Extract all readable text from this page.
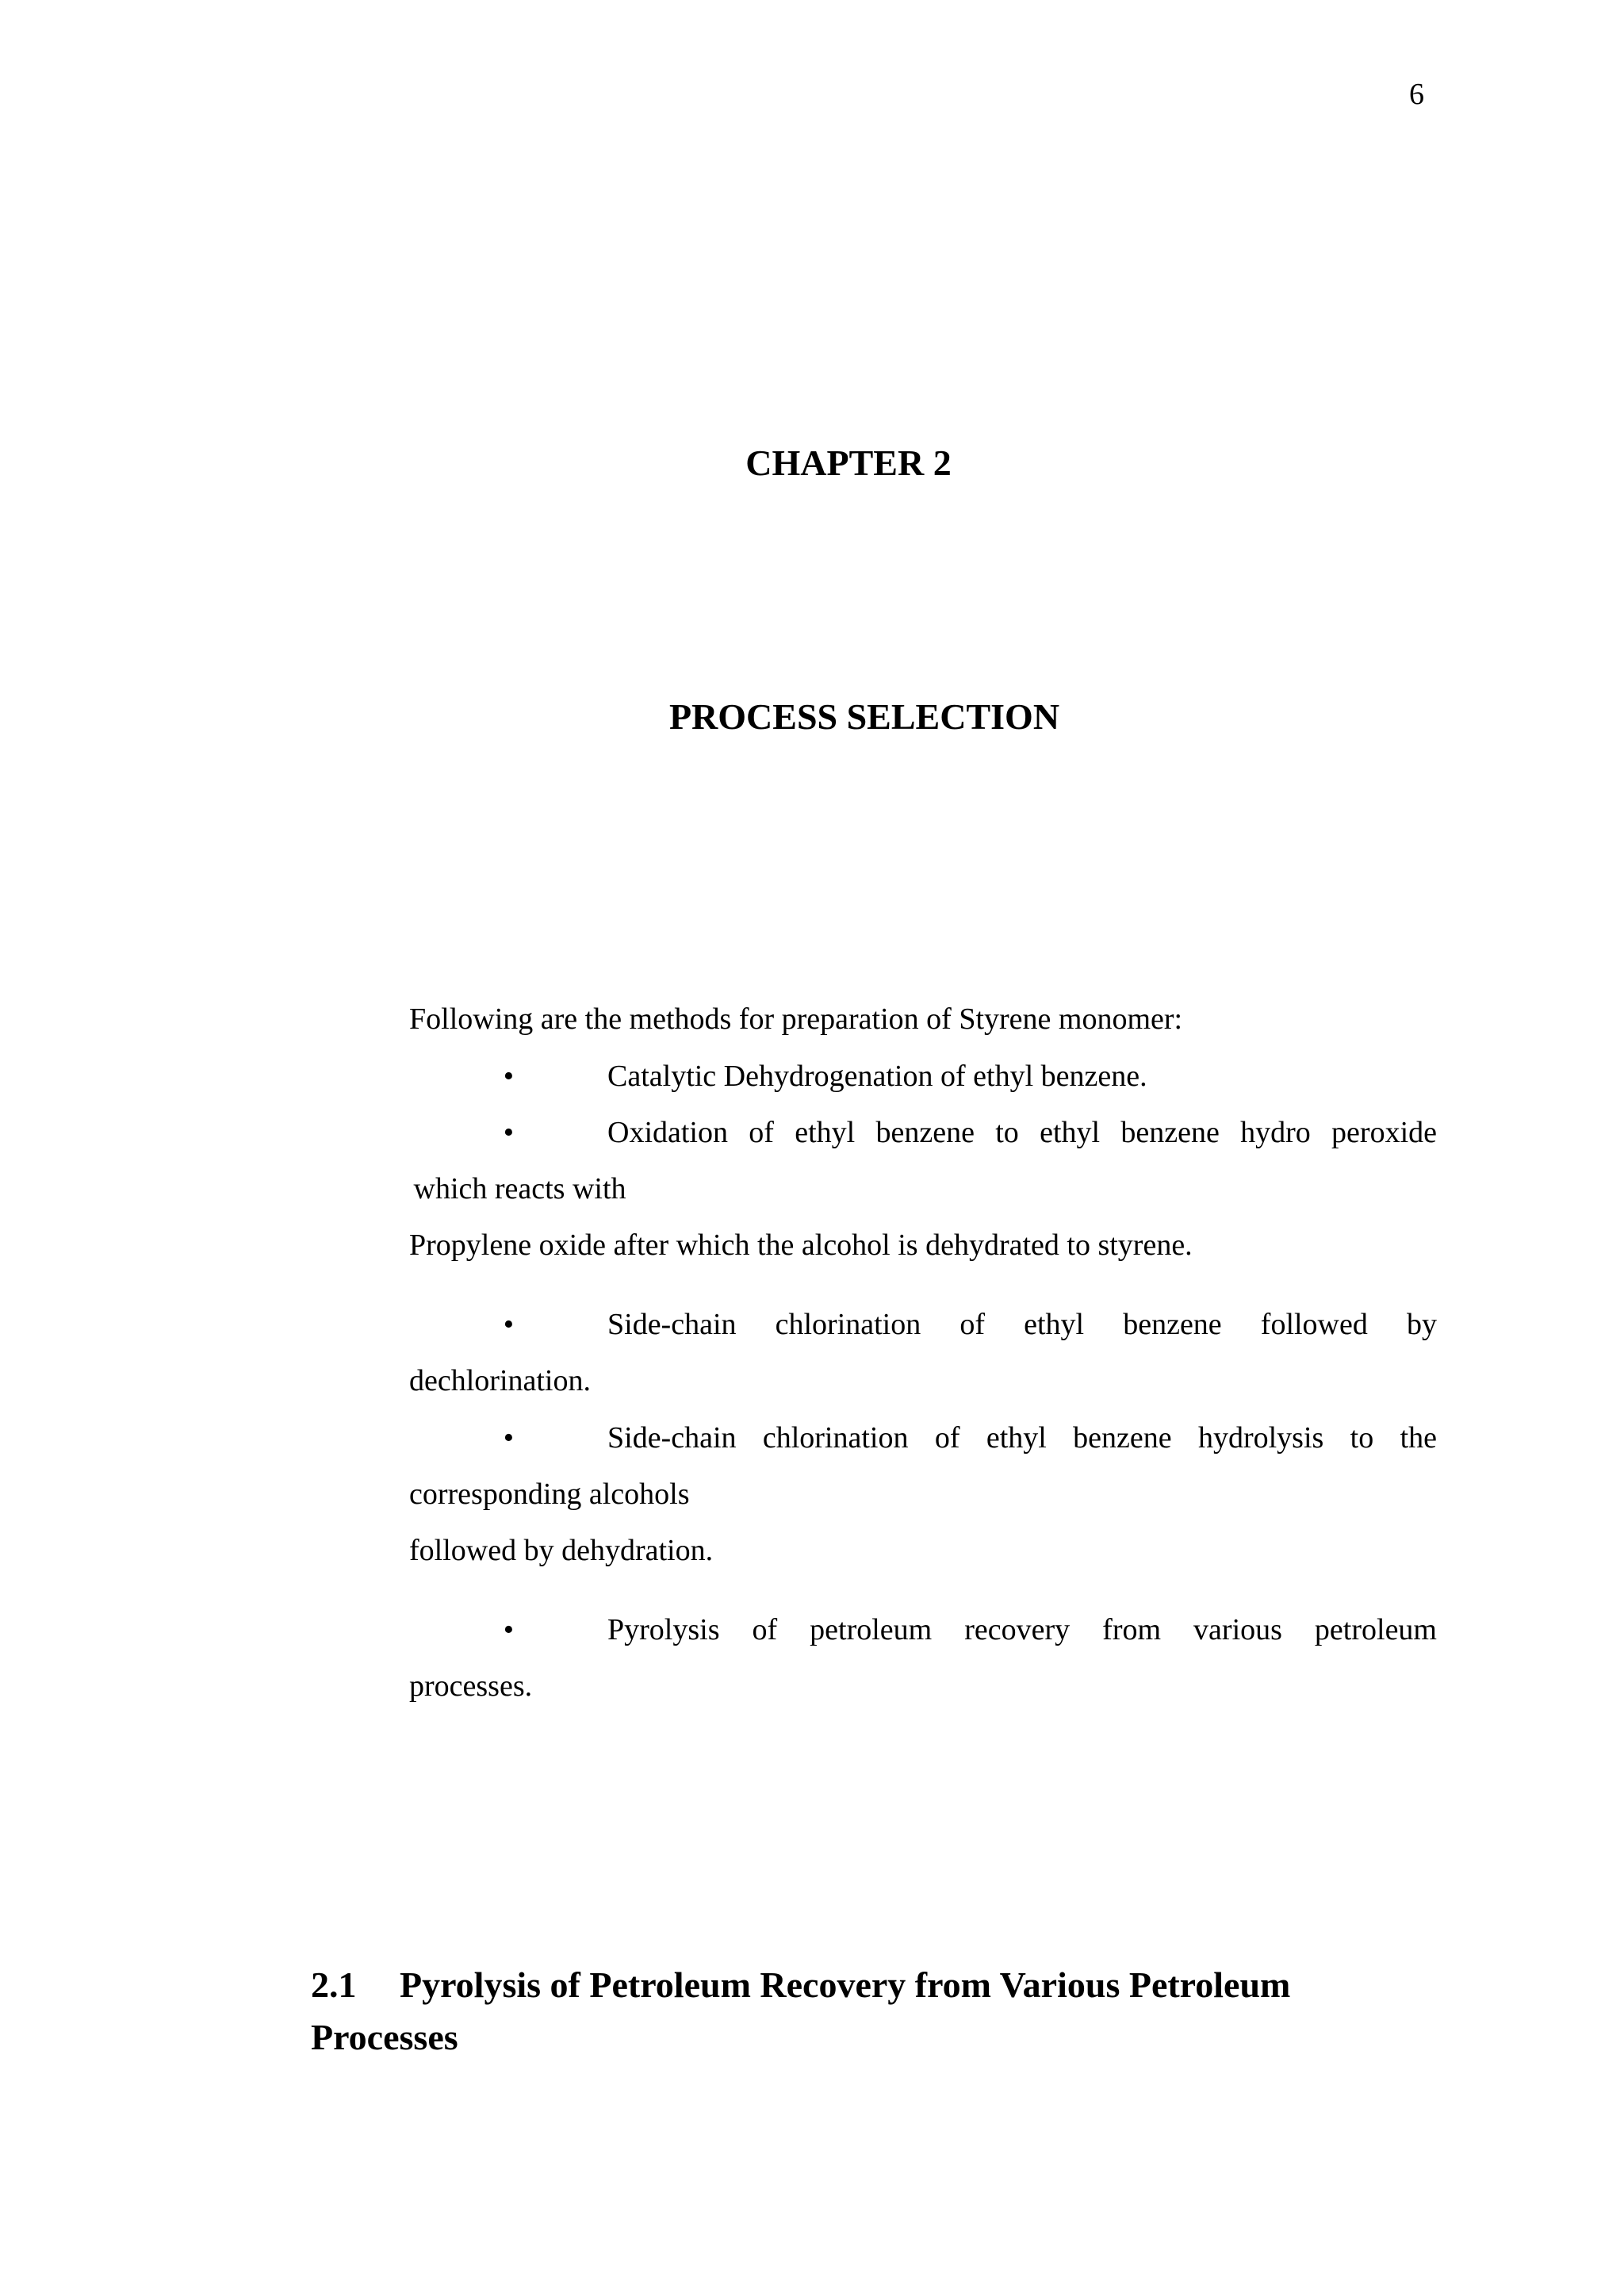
6

CHAPTER 2
PROCESS SELECTION

Following are the methods for preparation of Styrene monomer:

•	Catalytic Dehydrogenation of ethyl benzene.
•	Oxidation of ethyl benzene to ethyl benzene hydro peroxide

which reacts with

Propylene oxide after which the alcohol is dehydrated to styrene.

•	Side-chain chlorination of ethyl benzene followed by

dechlorination.

•	Side-chain chlorination of ethyl benzene hydrolysis to the

corresponding alcohols

followed by dehydration.

•	Pyrolysis of petroleum recovery from various petroleum

processes.

2.1 Pyrolysis of Petroleum Recovery from Various Petroleum
Processes
